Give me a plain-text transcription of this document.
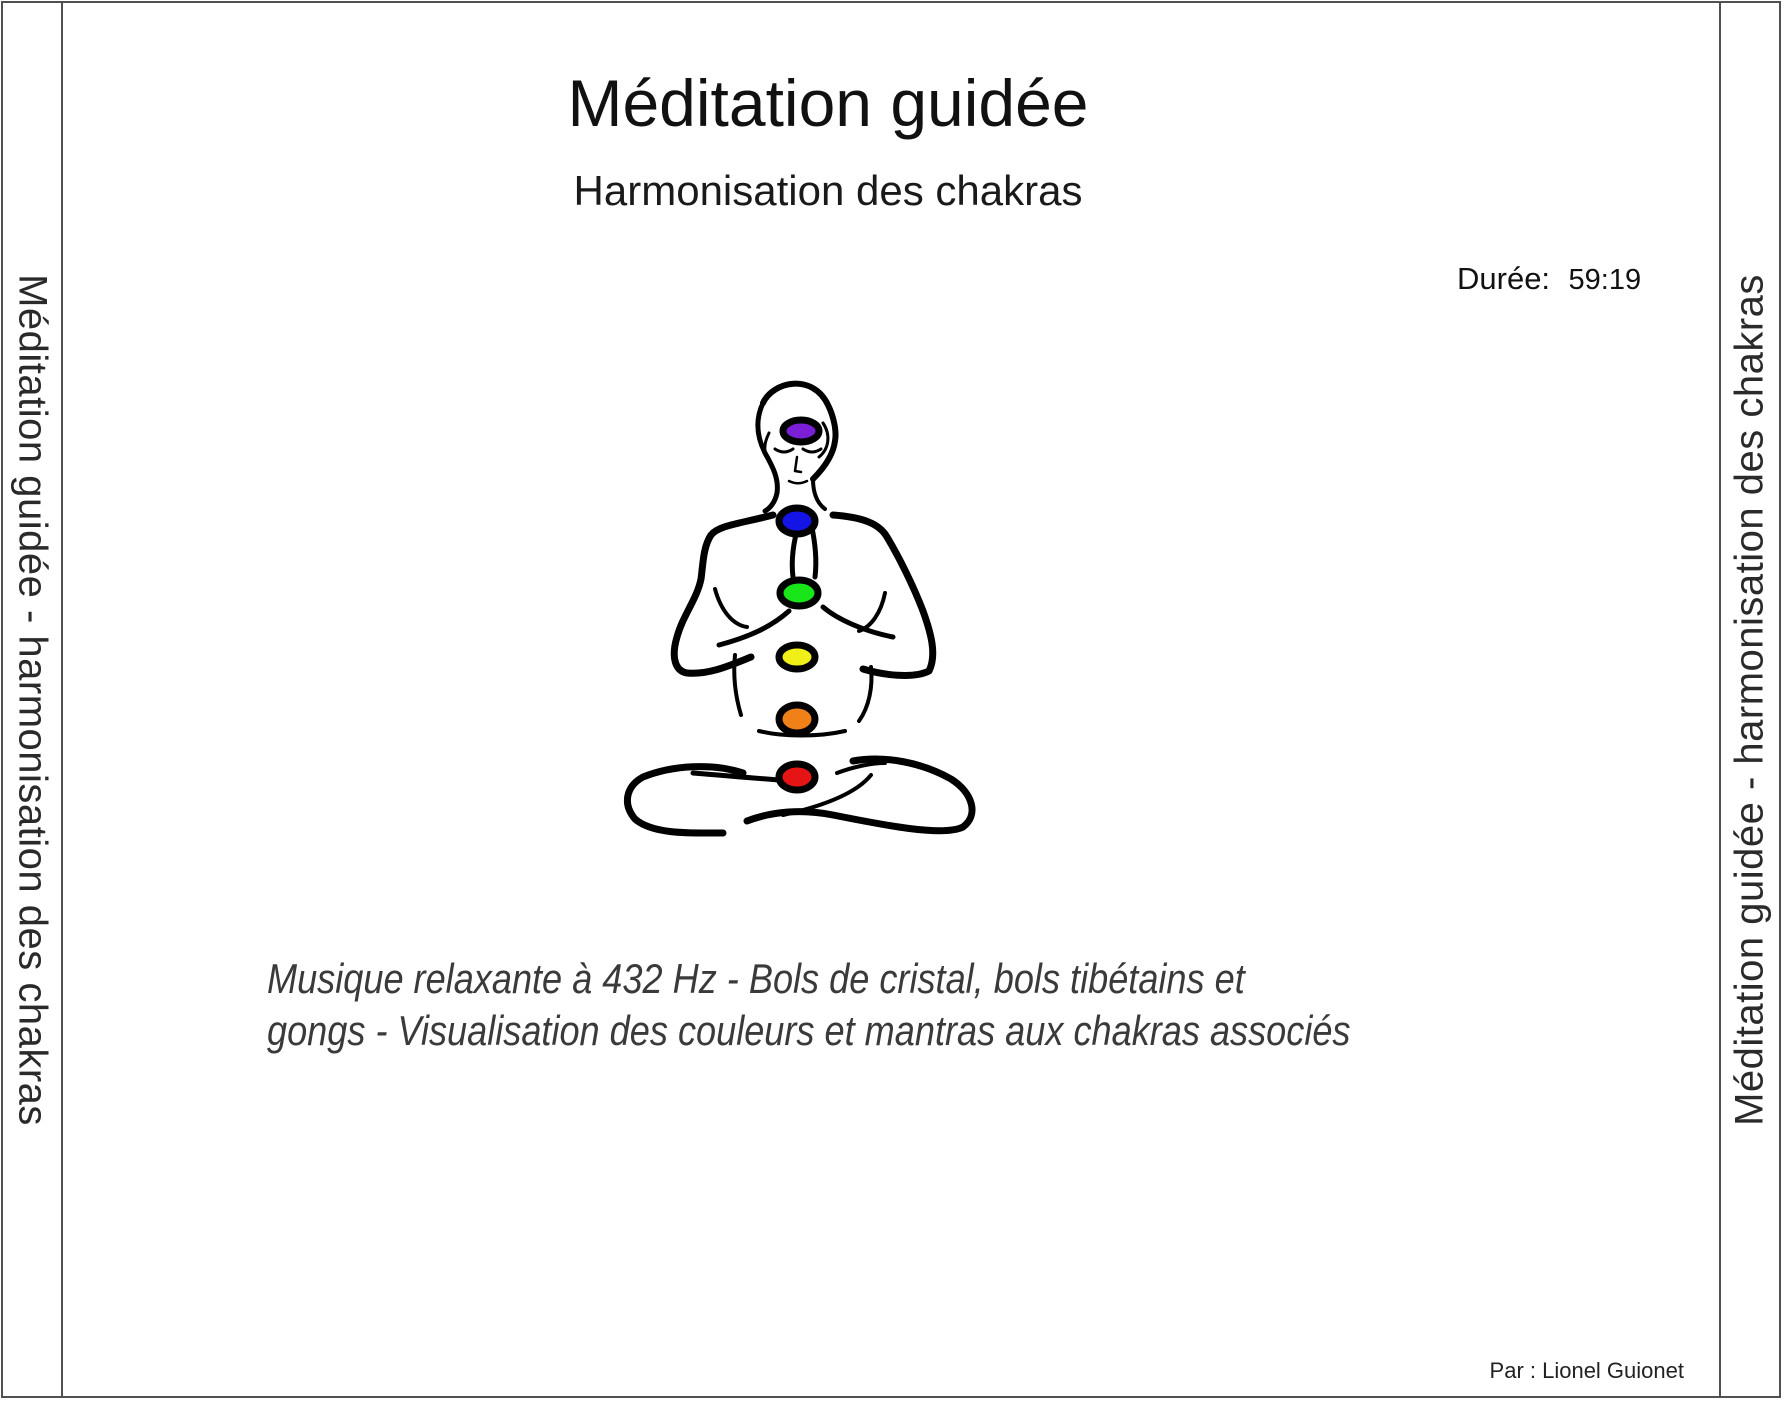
Méditation guidée - harmonisation des chakras	Méditation guidée - harmonisation des chakras
Méditation guidée
Harmonisation des chakras
Durée: 59:19
Musique relaxante à 432 Hz - Bols de cristal, bols tibétains et
gongs - Visualisation des couleurs et mantras aux chakras associés
Par : Lionel Guionet
